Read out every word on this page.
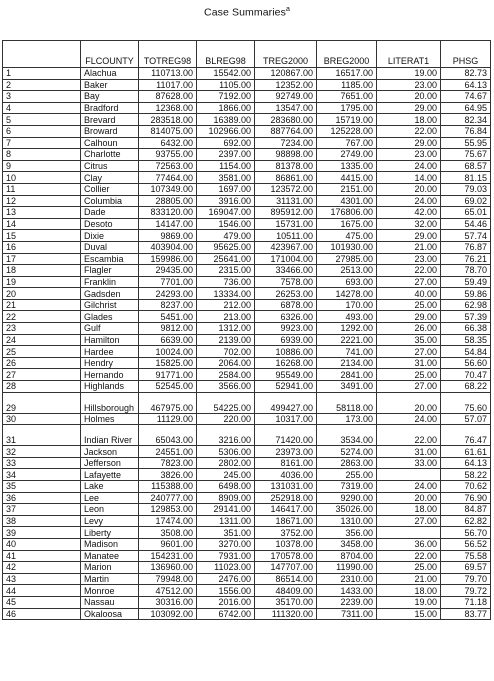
Case Summaries$^a$
	FLCOUNTY	TOTREG98	BLREG98	TREG2000	BREG2000	LITERAT1	PHSG
1	Alachua	110713.00	15542.00	120867.00	16517.00	19.00	82.73
2	Baker	11017.00	1105.00	12352.00	1185.00	23.00	64.13
3	Bay	87628.00	7192.00	92749.00	7651.00	20.00	74.67
4	Bradford	12368.00	1866.00	13547.00	1795.00	29.00	64.95
5	Brevard	283518.00	16389.00	283680.00	15719.00	18.00	82.34
6	Broward	814075.00	102966.00	887764.00	125228.00	22.00	76.84
7	Calhoun	6432.00	692.00	7234.00	767.00	29.00	55.95
8	Charlotte	93755.00	2397.00	98898.00	2749.00	23.00	75.67
9	Citrus	72563.00	1154.00	81378.00	1335.00	24.00	68.57
10	Clay	77464.00	3581.00	86861.00	4415.00	14.00	81.15
11	Collier	107349.00	1697.00	123572.00	2151.00	20.00	79.03
12	Columbia	28805.00	3916.00	31131.00	4301.00	24.00	69.02
13	Dade	833120.00	169047.00	895912.00	176806.00	42.00	65.01
14	Desoto	14147.00	1546.00	15731.00	1675.00	32.00	54.46
15	Dixie	9869.00	479.00	10511.00	475.00	29.00	57.74
16	Duval	403904.00	95625.00	423967.00	101930.00	21.00	76.87
17	Escambia	159986.00	25641.00	171004.00	27985.00	23.00	76.21
18	Flagler	29435.00	2315.00	33466.00	2513.00	22.00	78.70
19	Franklin	7701.00	736.00	7578.00	693.00	27.00	59.49
20	Gadsden	24293.00	13334.00	26253.00	14278.00	40.00	59.86
21	Gilchrist	8237.00	212.00	6878.00	170.00	25.00	62.98
22	Glades	5451.00	213.00	6326.00	493.00	29.00	57.39
23	Gulf	9812.00	1312.00	9923.00	1292.00	26.00	66.38
24	Hamilton	6639.00	2139.00	6939.00	2221.00	35.00	58.35
25	Hardee	10024.00	702.00	10886.00	741.00	27.00	54.84
26	Hendry	15825.00	2064.00	16268.00	2134.00	31.00	56.60
27	Hernando	91771.00	2584.00	95549.00	2841.00	25.00	70.47
28	Highlands	52545.00	3566.00	52941.00	3491.00	27.00	68.22
29	Hillsborough	467975.00	54225.00	499427.00	58118.00	20.00	75.60
30	Holmes	11129.00	220.00	10317.00	173.00	24.00	57.07
31	Indian River	65043.00	3216.00	71420.00	3534.00	22.00	76.47
32	Jackson	24551.00	5306.00	23973.00	5274.00	31.00	61.61
33	Jefferson	7823.00	2802.00	8161.00	2863.00	33.00	64.13
34	Lafayette	3826.00	245.00	4036.00	255.00		58.22
35	Lake	115388.00	6498.00	131031.00	7319.00	24.00	70.62
36	Lee	240777.00	8909.00	252918.00	9290.00	20.00	76.90
37	Leon	129853.00	29141.00	146417.00	35026.00	18.00	84.87
38	Levy	17474.00	1311.00	18671.00	1310.00	27.00	62.82
39	Liberty	3508.00	351.00	3752.00	356.00		56.70
40	Madison	9601.00	3270.00	10378.00	3458.00	36.00	56.52
41	Manatee	154231.00	7931.00	170578.00	8704.00	22.00	75.58
42	Marion	136960.00	11023.00	147707.00	11990.00	25.00	69.57
43	Martin	79948.00	2476.00	86514.00	2310.00	21.00	79.70
44	Monroe	47512.00	1556.00	48409.00	1433.00	18.00	79.72
45	Nassau	30316.00	2016.00	35170.00	2239.00	19.00	71.18
46	Okaloosa	103092.00	6742.00	111320.00	7311.00	15.00	83.77
